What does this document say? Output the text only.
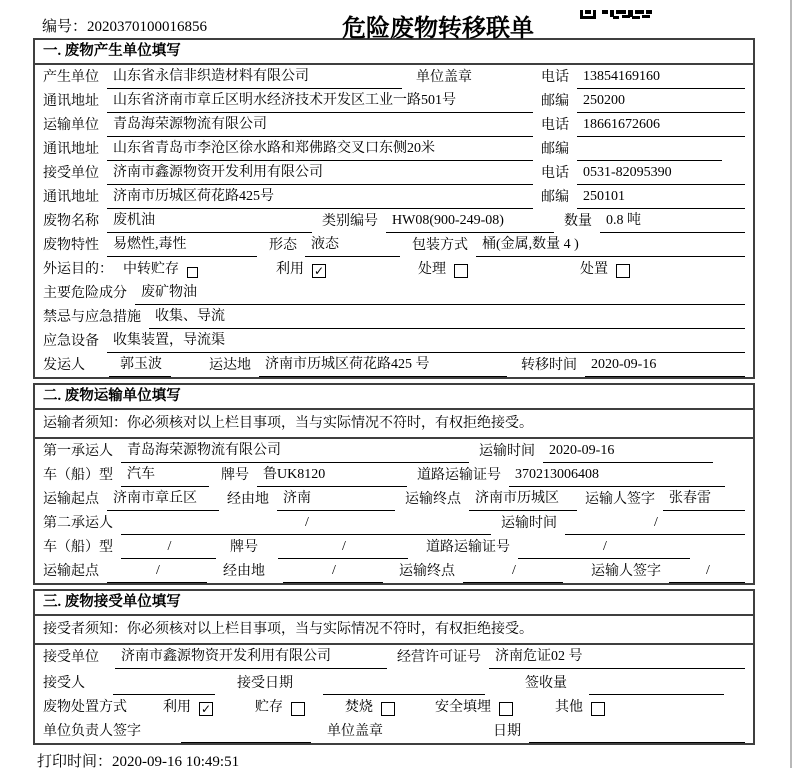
编号：2020370100016856	危险废物转移联单
一. 废物产生单位填写
产生单位	山东省永信非织造材料有限公司	单位盖章	电话	13854169160
通讯地址	山东省济南市章丘区明水经济技术开发区工业一路501号	邮编	250200
运输单位	青岛海荣源物流有限公司	电话	18661672606
通讯地址	山东省青岛市李沧区徐水路和郑佛路交叉口东侧20米	邮编
接受单位	济南市鑫源物资开发利用有限公司	电话	0531-82095390
通讯地址	济南市历城区荷花路425号	邮编	250101
废物名称	废机油	类别编号	HW08(900-249-08)	数量	0.8 吨
废物特性	易燃性,毒性	形态	液态	包装方式	桶(金属,数量 4 )
外运目的： 中转贮存	利用 ✓	处理	处置
主要危险成分	废矿物油
禁忌与应急措施	收集、导流
应急设备	收集装置，导流渠
发运人	郭玉波	运达地	济南市历城区荷花路425 号	转移时间	2020-09-16
二. 废物运输单位填写
运输者须知：你必须核对以上栏目事项，当与实际情况不符时，有权拒绝接受。
第一承运人	青岛海荣源物流有限公司	运输时间	2020-09-16
车（船）型	汽车	牌号	鲁UK8120	道路运输证号	370213006408
运输起点	济南市章丘区	经由地	济南	运输终点	济南市历城区	运输人签字	张春雷
第二承运人	/	运输时间	/
车（船）型	/	牌号	/	道路运输证号	/
运输起点	/	经由地	/	运输终点	/	运输人签字	/
三. 废物接受单位填写
接受者须知：你必须核对以上栏目事项，当与实际情况不符时，有权拒绝接受。
接受单位	济南市鑫源物资开发利用有限公司	经营许可证号	济南危证02 号
接受人	接受日期	签收量
废物处置方式	利用 ✓	贮存	焚烧	安全填埋	其他
单位负责人签字	单位盖章	日期
打印时间：2020-09-16 10:49:51
